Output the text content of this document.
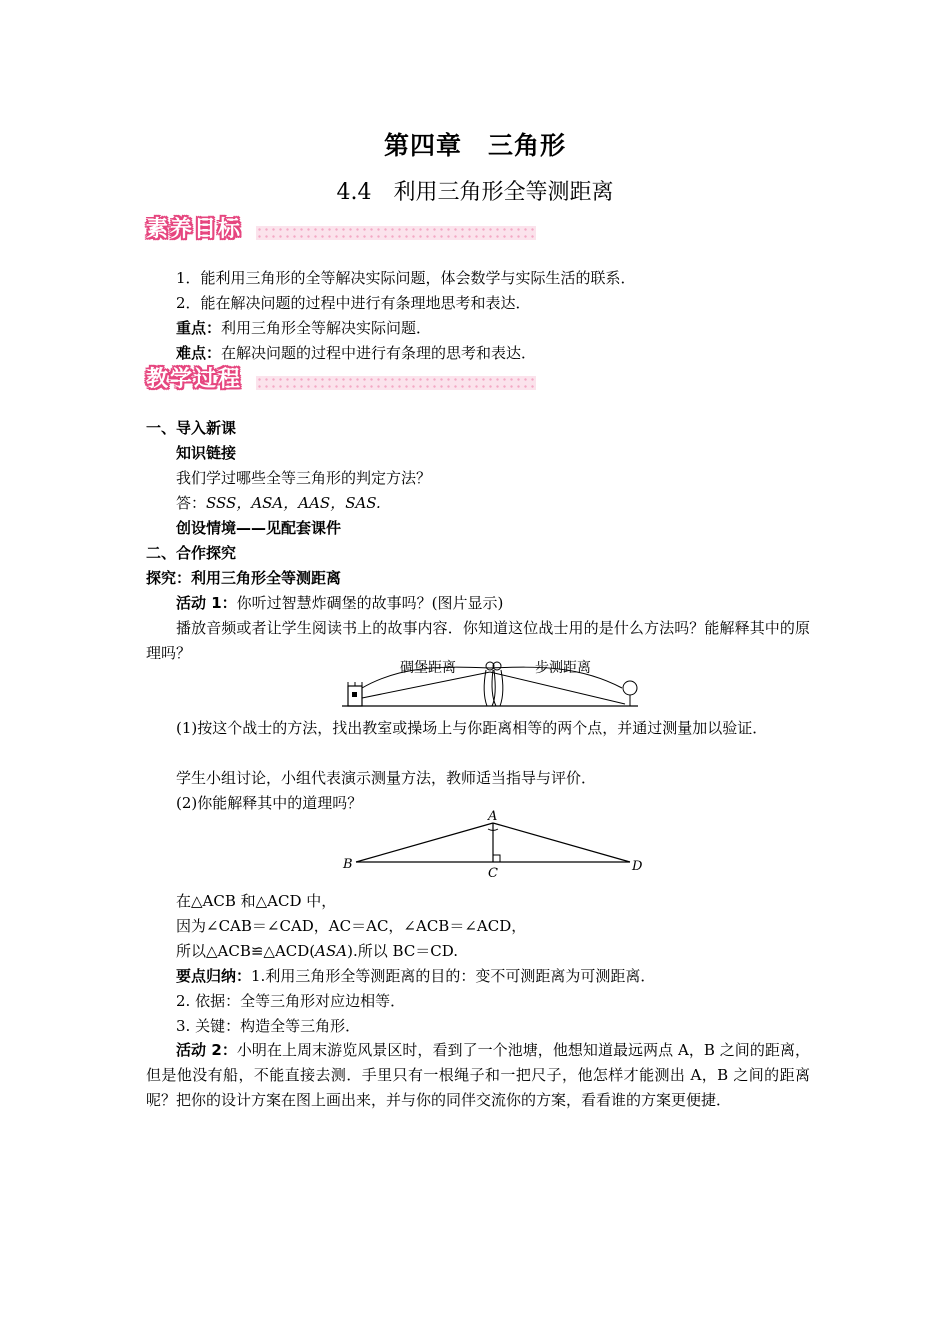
第四章　三角形
4.4　利用三角形全等测距离
素养目标
1．能利用三角形的全等解决实际问题，体会数学与实际生活的联系．
2．能在解决问题的过程中进行有条理地思考和表达．
重点：利用三角形全等解决实际问题．
难点：在解决问题的过程中进行有条理的思考和表达．
教学过程
一、导入新课
知识链接
我们学过哪些全等三角形的判定方法？
答：SSS，ASA，AAS，SAS.
创设情境——见配套课件
二、合作探究
探究：利用三角形全等测距离
活动 1：你听过智慧炸碉堡的故事吗？(图片显示)
播放音频或者让学生阅读书上的故事内容．你知道这位战士用的是什么方法吗？能解释其中的原理吗？
碉堡距离	步测距离
(1)按这个战士的方法，找出教室或操场上与你距离相等的两个点，并通过测量加以验证．
学生小组讨论，小组代表演示测量方法，教师适当指导与评价．
(2)你能解释其中的道理吗？
A
B
C	D
在△ACB 和△ACD 中，
因为∠CAB＝∠CAD，AC＝AC，∠ACB＝∠ACD，
所以△ACB≌△ACD(ASA).所以 BC＝CD.
要点归纳：1.利用三角形全等测距离的目的：变不可测距离为可测距离．
2. 依据：全等三角形对应边相等．
3. 关键：构造全等三角形．
活动 2：小明在上周末游览风景区时，看到了一个池塘，他想知道最远两点 A，B 之间的距离，但是他没有船，不能直接去测．手里只有一根绳子和一把尺子，他怎样才能测出 A，B 之间的距离呢？把你的设计方案在图上画出来，并与你的同伴交流你的方案，看看谁的方案更便捷．
